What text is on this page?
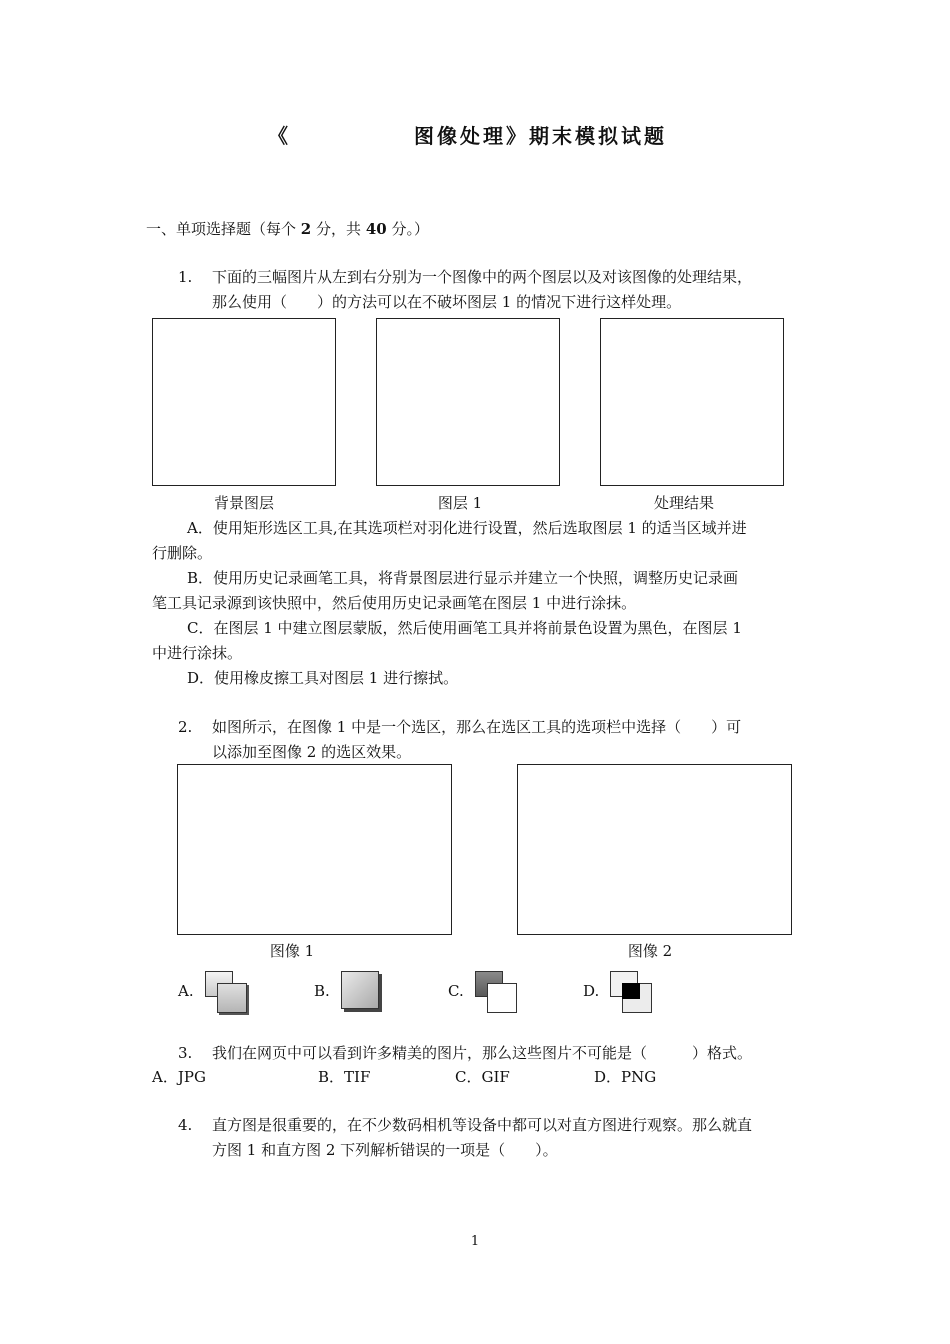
《	图像处理》期末模拟试题
一、单项选择题（每个 2 分，共 40 分。）
1. 下面的三幅图片从左到右分别为一个图像中的两个图层以及对该图像的处理结果，
那么使用（　　）的方法可以在不破坏图层 1 的情况下进行这样处理。
背景图层	图层 1	处理结果
A．使用矩形选区工具,在其选项栏对羽化进行设置，然后选取图层 1 的适当区域并进
行删除。
B．使用历史记录画笔工具，将背景图层进行显示并建立一个快照，调整历史记录画
笔工具记录源到该快照中，然后使用历史记录画笔在图层 1 中进行涂抹。
C．在图层 1 中建立图层蒙版，然后使用画笔工具并将前景色设置为黑色，在图层 1
中进行涂抹。
D．使用橡皮擦工具对图层 1 进行擦拭。
2. 如图所示，在图像 1 中是一个选区，那么在选区工具的选项栏中选择（　　）可
以添加至图像 2 的选区效果。
图像 1	图像 2
A.	B.	C.	D.
3. 我们在网页中可以看到许多精美的图片，那么这些图片不可能是（　　　）格式。
A．JPG	B．TIF	C．GIF	D．PNG
4. 直方图是很重要的，在不少数码相机等设备中都可以对直方图进行观察。那么就直
方图 1 和直方图 2 下列解析错误的一项是（　　）。
1
